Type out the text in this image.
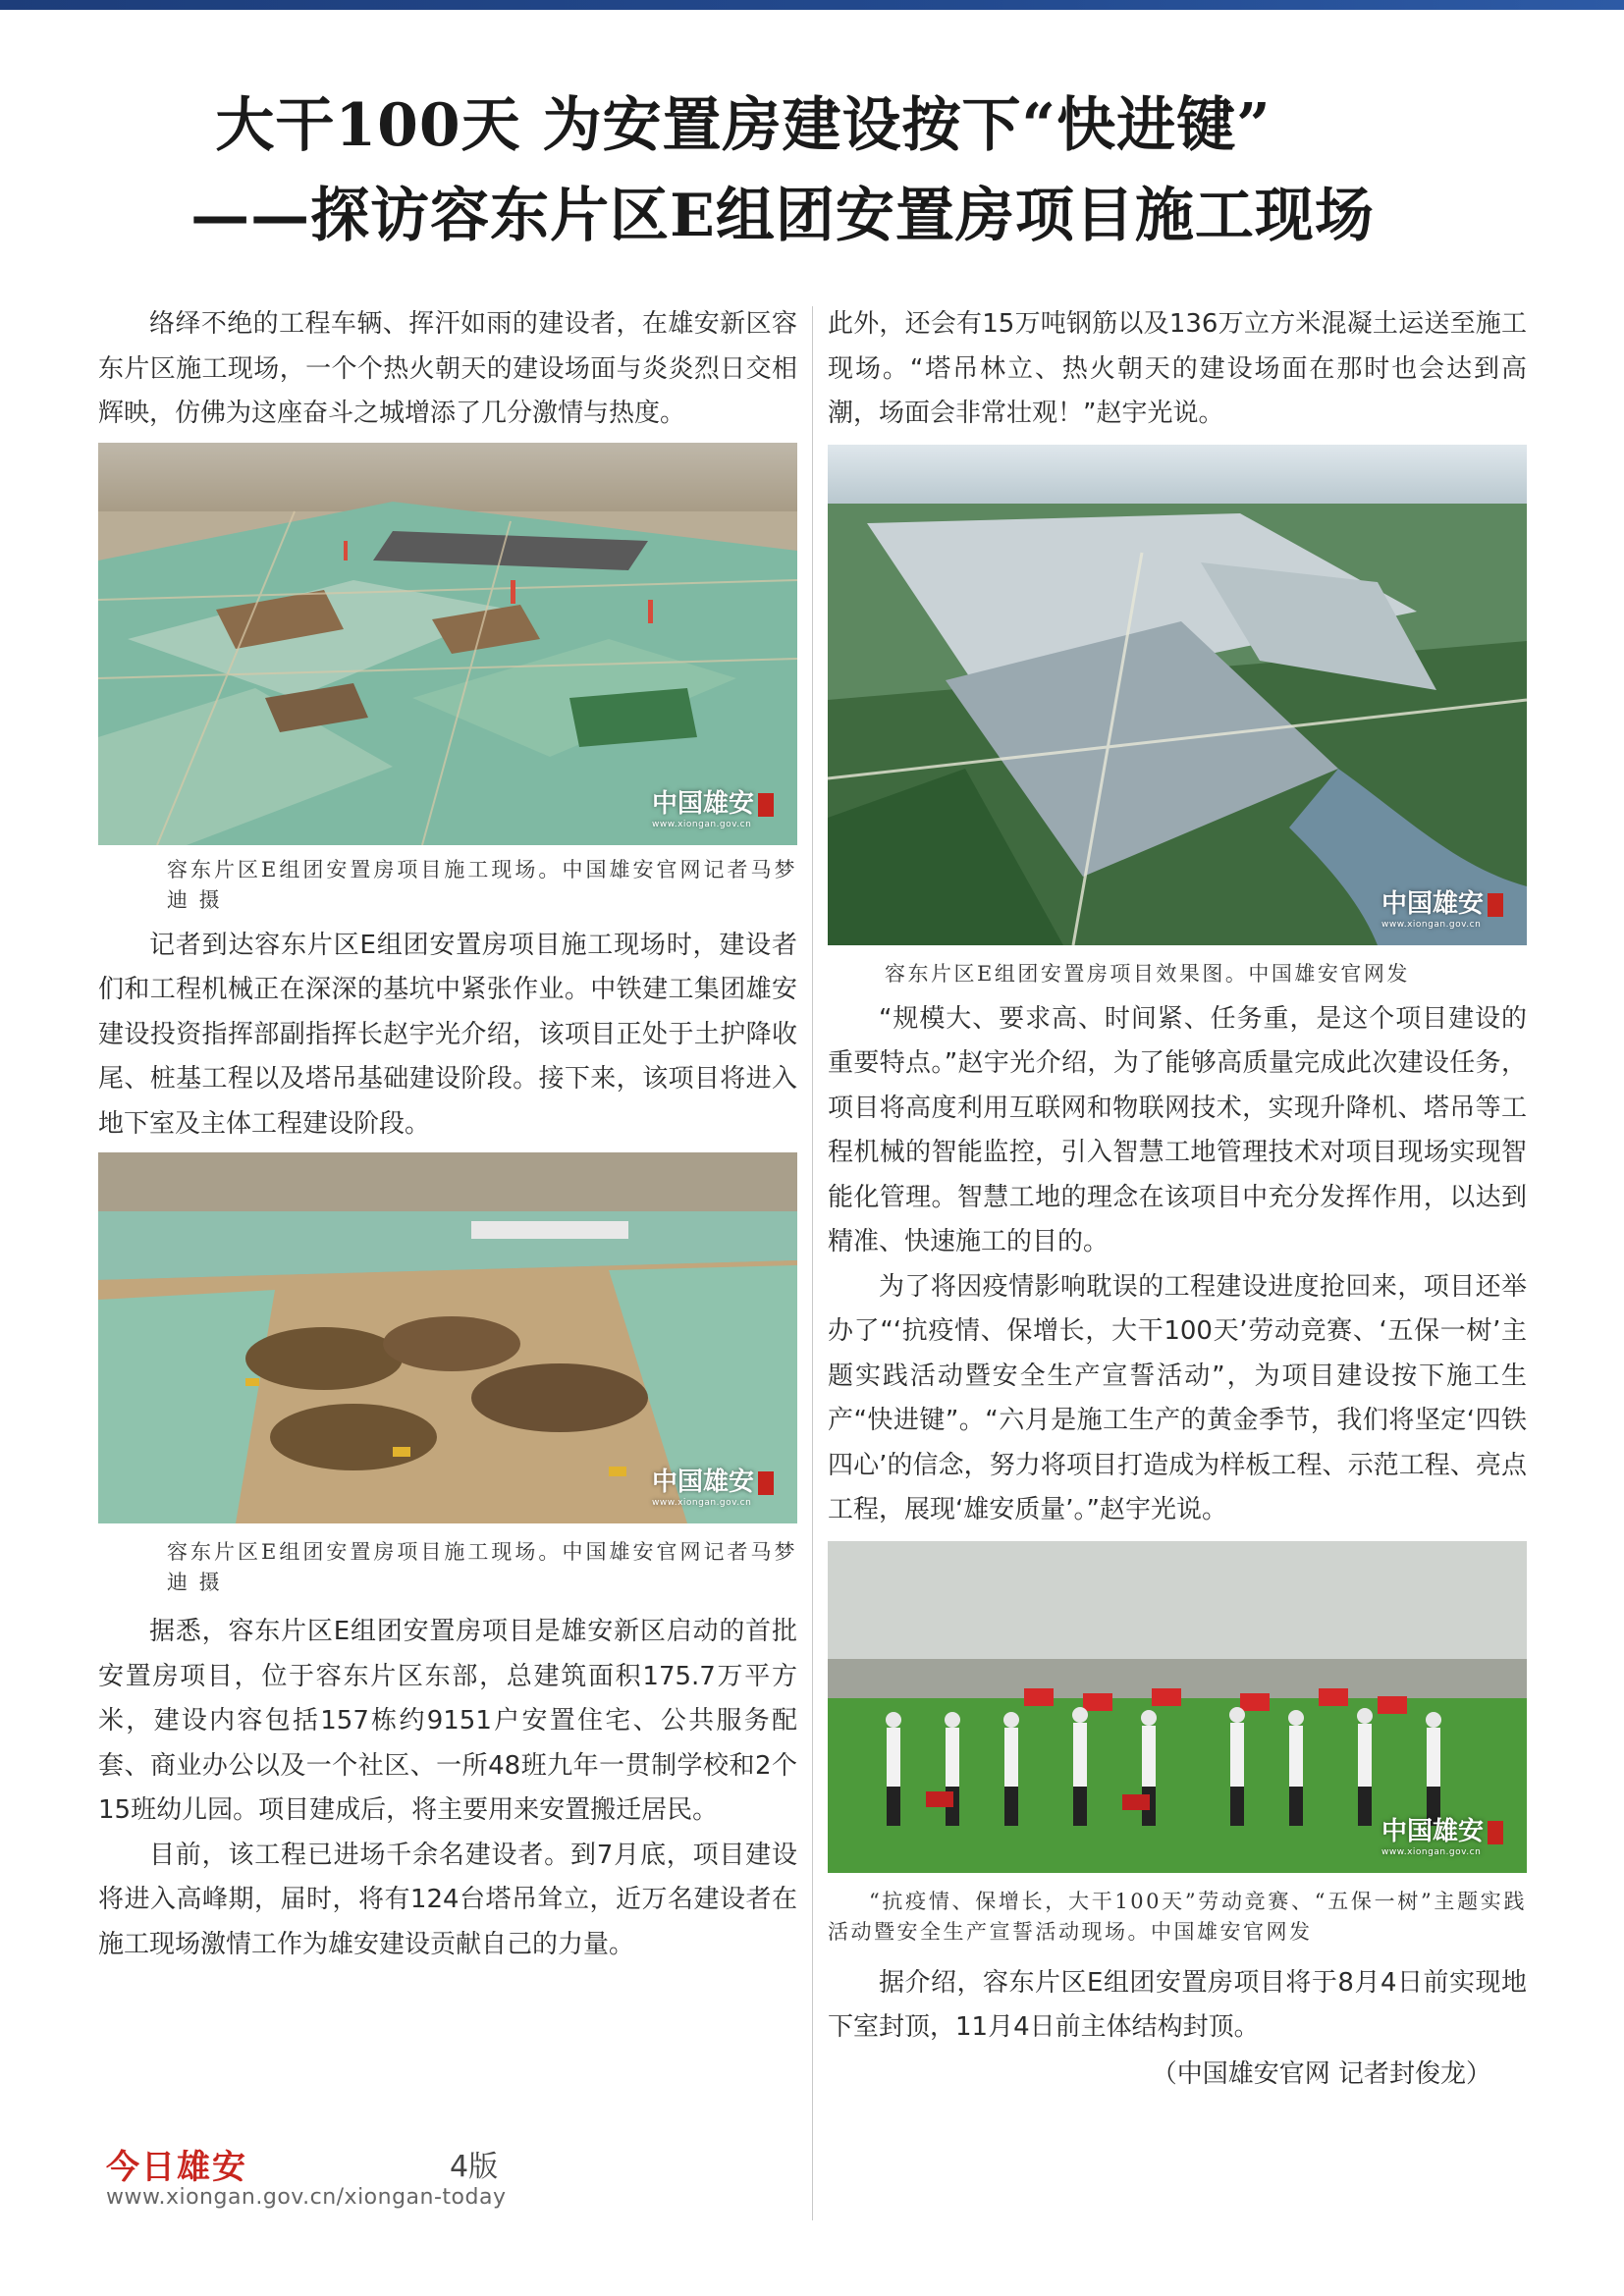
大干100天 为安置房建设按下“快进键”
——探访容东片区E组团安置房项目施工现场

络绎不绝的工程车辆、挥汗如雨的建设者，在雄安新区容东片区施工现场，一个个热火朝天的建设场面与炎炎烈日交相辉映，仿佛为这座奋斗之城增添了几分激情与热度。

中国雄安
www.xiongan.gov.cn

容东片区E组团安置房项目施工现场。中国雄安官网记者马梦迪 摄

记者到达容东片区E组团安置房项目施工现场时，建设者们和工程机械正在深深的基坑中紧张作业。中铁建工集团雄安建设投资指挥部副指挥长赵宇光介绍，该项目正处于土护降收尾、桩基工程以及塔吊基础建设阶段。接下来，该项目将进入地下室及主体工程建设阶段。

中国雄安
www.xiongan.gov.cn

容东片区E组团安置房项目施工现场。中国雄安官网记者马梦迪 摄

据悉，容东片区E组团安置房项目是雄安新区启动的首批安置房项目，位于容东片区东部，总建筑面积175.7万平方米，建设内容包括157栋约9151户安置住宅、公共服务配套、商业办公以及一个社区、一所48班九年一贯制学校和2个15班幼儿园。项目建成后，将主要用来安置搬迁居民。

目前，该工程已进场千余名建设者。到7月底，项目建设将进入高峰期，届时，将有124台塔吊耸立，近万名建设者在施工现场激情工作为雄安建设贡献自己的力量。

此外，还会有15万吨钢筋以及136万立方米混凝土运送至施工现场。“塔吊林立、热火朝天的建设场面在那时也会达到高潮，场面会非常壮观！”赵宇光说。

中国雄安
www.xiongan.gov.cn

容东片区E组团安置房项目效果图。中国雄安官网发

“规模大、要求高、时间紧、任务重，是这个项目建设的重要特点。”赵宇光介绍，为了能够高质量完成此次建设任务，项目将高度利用互联网和物联网技术，实现升降机、塔吊等工程机械的智能监控，引入智慧工地管理技术对项目现场实现智能化管理。智慧工地的理念在该项目中充分发挥作用，以达到精准、快速施工的目的。

为了将因疫情影响耽误的工程建设进度抢回来，项目还举办了“‘抗疫情、保增长，大干100天’劳动竞赛、‘五保一树’主题实践活动暨安全生产宣誓活动”，为项目建设按下施工生产“快进键”。“六月是施工生产的黄金季节，我们将坚定‘四铁四心’的信念，努力将项目打造成为样板工程、示范工程、亮点工程，展现‘雄安质量’。”赵宇光说。

中国雄安
www.xiongan.gov.cn

“抗疫情、保增长，大干100天”劳动竞赛、“五保一树”主题实践活动暨安全生产宣誓活动现场。中国雄安官网发

据介绍，容东片区E组团安置房项目将于8月4日前实现地下室封顶，11月4日前主体结构封顶。

（中国雄安官网 记者封俊龙）

今日雄安	4版
www.xiongan.gov.cn/xiongan-today
